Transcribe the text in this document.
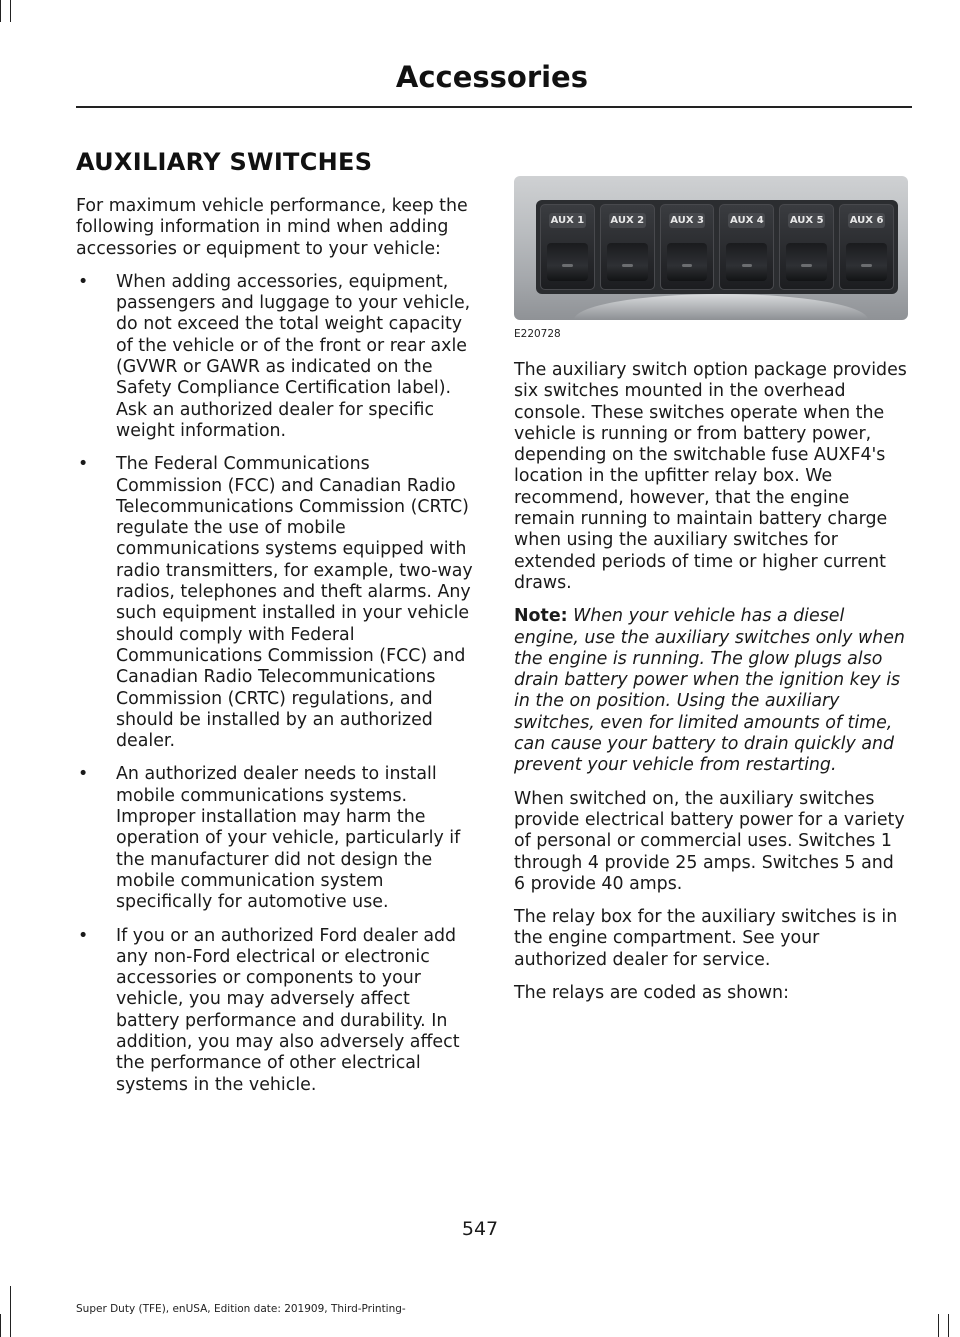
Accessories
AUXILIARY SWITCHES

For maximum vehicle performance, keep the following information in mind when adding accessories or equipment to your vehicle:

• When adding accessories, equipment, passengers and luggage to your vehicle, do not exceed the total weight capacity of the vehicle or of the front or rear axle (GVWR or GAWR as indicated on the Safety Compliance Certification label). Ask an authorized dealer for specific weight information.
• The Federal Communications Commission (FCC) and Canadian Radio Telecommunications Commission (CRTC) regulate the use of mobile communications systems equipped with radio transmitters, for example, two-way radios, telephones and theft alarms. Any such equipment installed in your vehicle should comply with Federal Communications Commission (FCC) and Canadian Radio Telecommunications Commission (CRTC) regulations, and should be installed by an authorized dealer.
• An authorized dealer needs to install mobile communications systems. Improper installation may harm the operation of your vehicle, particularly if the manufacturer did not design the mobile communication system specifically for automotive use.
• If you or an authorized Ford dealer add any non-Ford electrical or electronic accessories or components to your vehicle, you may adversely affect battery performance and durability. In addition, you may also adversely affect the performance of other electrical systems in the vehicle.
AUX 1	AUX 2	AUX 3	AUX 4	AUX 5	AUX 6
E220728

The auxiliary switch option package provides six switches mounted in the overhead console. These switches operate when the vehicle is running or from battery power, depending on the switchable fuse AUXF4's location in the upfitter relay box. We recommend, however, that the engine remain running to maintain battery charge when using the auxiliary switches for extended periods of time or higher current draws.

Note: When your vehicle has a diesel engine, use the auxiliary switches only when the engine is running. The glow plugs also drain battery power when the ignition key is in the on position. Using the auxiliary switches, even for limited amounts of time, can cause your battery to drain quickly and prevent your vehicle from restarting.

When switched on, the auxiliary switches provide electrical battery power for a variety of personal or commercial uses. Switches 1 through 4 provide 25 amps. Switches 5 and 6 provide 40 amps.

The relay box for the auxiliary switches is in the engine compartment. See your authorized dealer for service.

The relays are coded as shown:

547
Super Duty (TFE), enUSA, Edition date: 201909, Third-Printing-
